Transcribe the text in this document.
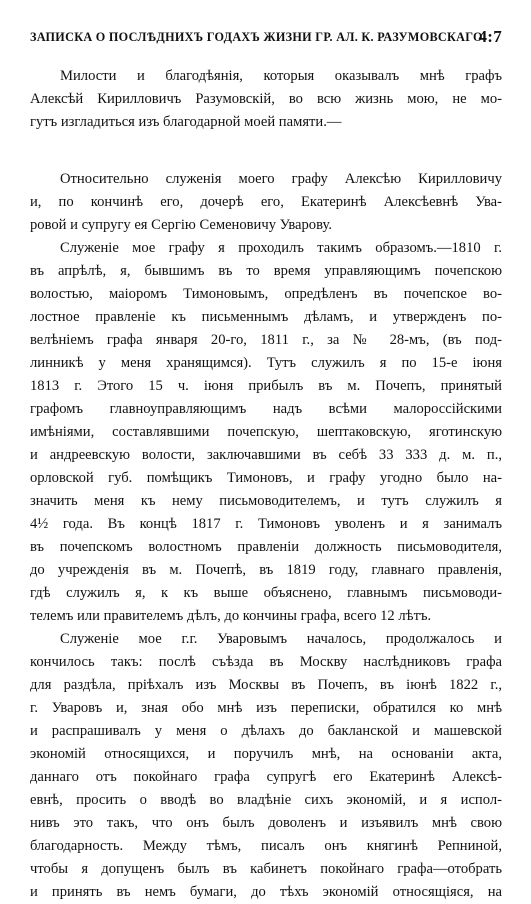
ЗАПИСКА О ПОСЛѢДНИХЪ ГОДАХЪ ЖИЗНИ ГР. АЛ. К. РАЗУМОВСКАГО.
4:7
Милости и благодѣянія, которыя оказывалъ мнѣ графъ
Алексѣй Кирилловичъ Разумовскій, во всю жизнь мою, не мо-
гутъ изгладиться изъ благодарной моей памяти.—
Относительно служенія моего графу Алексѣю Кирилловичу
и, по кончинѣ его, дочерѣ его, Екатеринѣ Алексѣевнѣ Ува-
ровой и супругу ея Сергію Семеновичу Уварову.
Служеніе мое графу я проходилъ такимъ образомъ.—1810 г.
въ апрѣлѣ, я, бывшимъ въ то время управляющимъ почепскою
волостью, маіоромъ Тимоновымъ, опредѣленъ въ почепское во-
лостное правленіе къ письменнымъ дѣламъ, и утвержденъ по-
велѣніемъ графа января 20-го, 1811 г., за № 28-мъ, (въ под-
линникѣ у меня хранящимся). Тутъ служилъ я по 15-е іюня
1813 г. Этого 15 ч. іюня прибылъ въ м. Почепъ, принятый
графомъ главноуправляющимъ надъ всѣми малороссійскими
имѣніями, составлявшими почепскую, шептаковскую, яготинскую
и андреевскую волости, заключавшими въ себѣ 33 333 д. м. п.,
орловской губ. помѣщикъ Тимоновъ, и графу угодно было на-
значить меня къ нему письмоводителемъ, и тутъ служилъ я
4½ года. Въ концѣ 1817 г. Тимоновъ уволенъ и я занималъ
въ почепскомъ волостномъ правленіи должность письмоводителя,
до учрежденія въ м. Почепѣ, въ 1819 году, главнаго правленія,
гдѣ служилъ я, к къ выше объясненo, главнымъ письмоводи-
телемъ или правителемъ дѣлъ, до кончины графа, всего 12 лѣтъ.
Служеніе мое г.г. Уваровымъ началось, продолжалось и
кончилось такъ: послѣ съѣзда въ Москву наслѣдниковъ графа
для раздѣла, пріѣхалъ изъ Москвы въ Почепъ, въ іюнѣ 1822 г.,
г. Уваровъ и, зная обо мнѣ изъ переписки, обратился ко мнѣ
и распрашивалъ у меня о дѣлахъ до бакланской и машевской
экономій относящихся, и поручилъ мнѣ, на основаніи акта,
даннаго отъ покойнаго графа супругѣ его Екатеринѣ Алексѣ-
евнѣ, просить о вводѣ во владѣніе сихъ экономій, и я испол-
нивъ это такъ, что онъ былъ доволенъ и изъявилъ мнѣ свою
благодарность. Между тѣмъ, писалъ онъ княгинѣ Репниной,
чтобы я допущенъ былъ въ кабинетъ покойнаго графа—отобрать
и принять въ немъ бумаги, до тѣхъ экономій относящіяся, на
